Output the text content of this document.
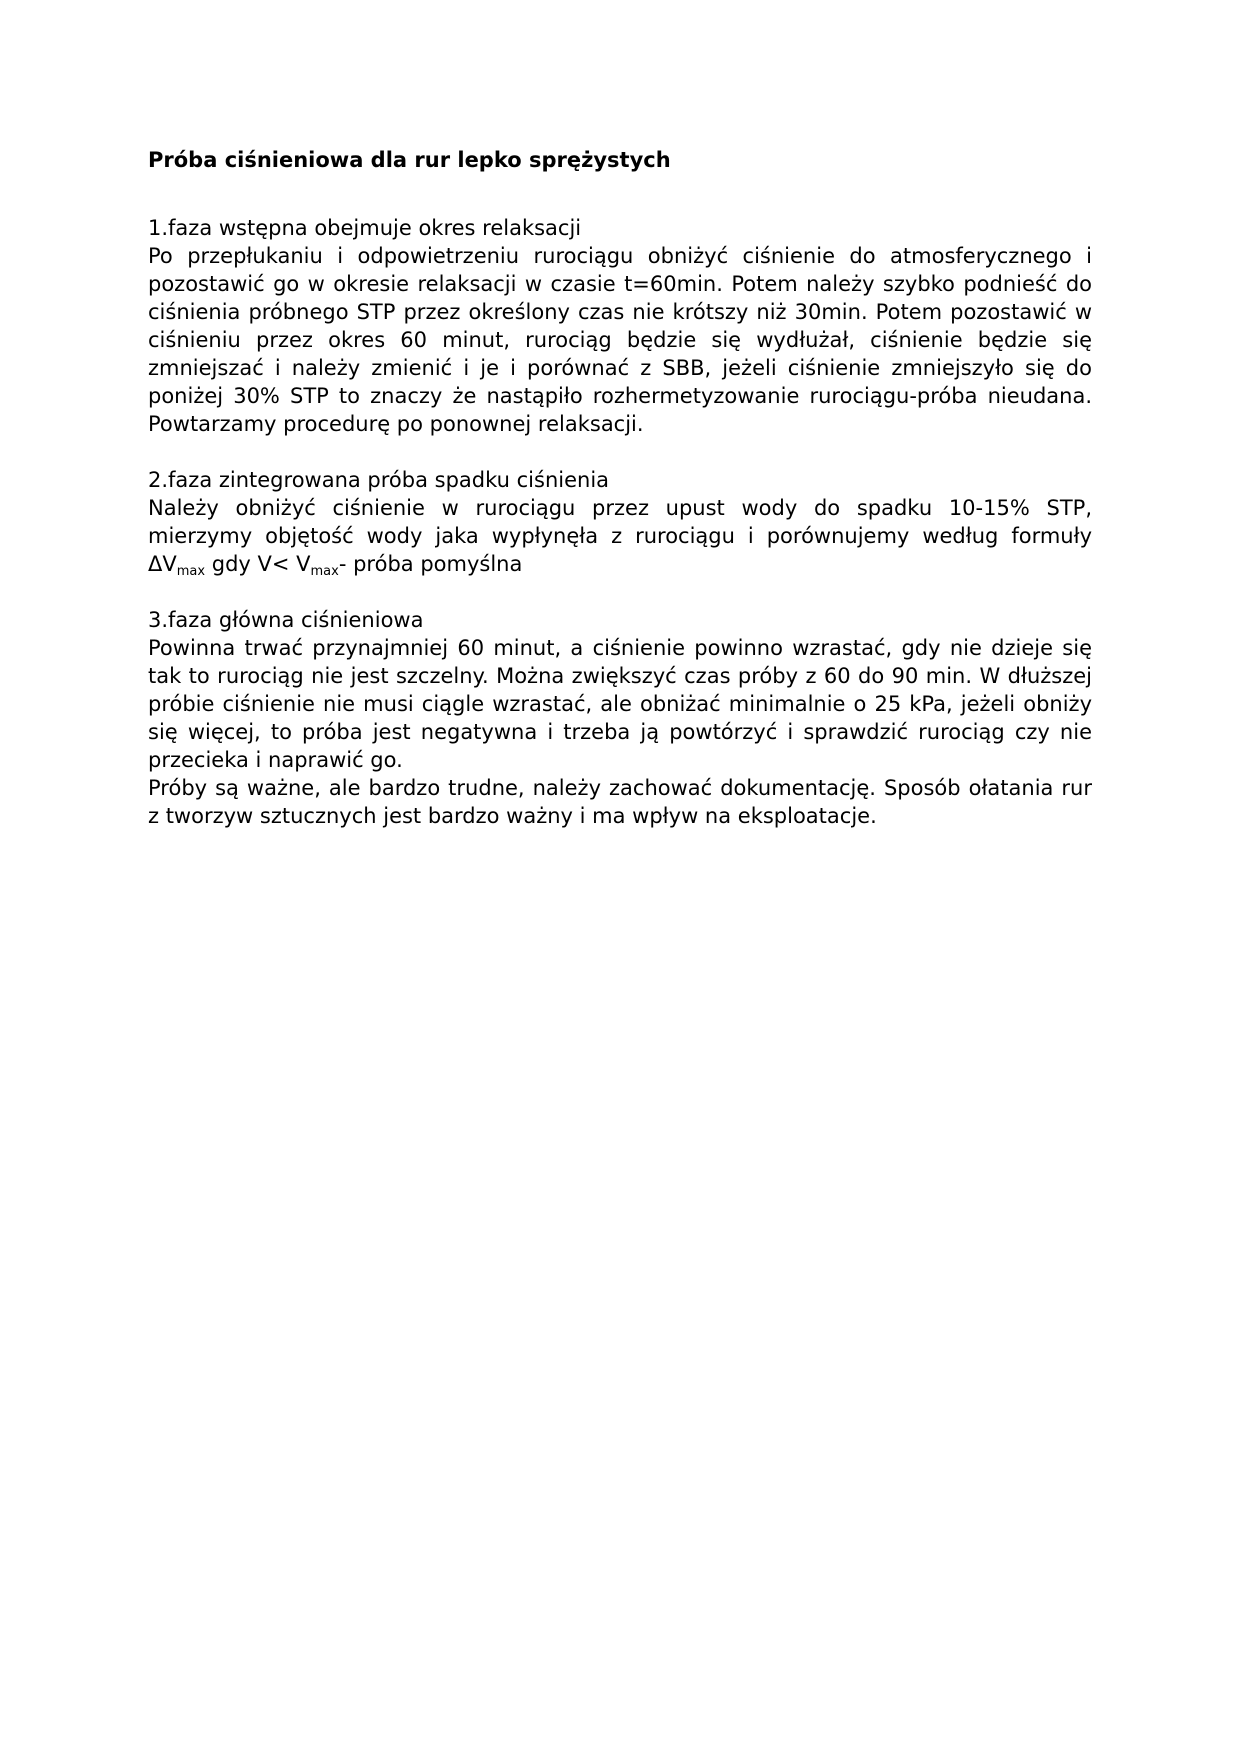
Próba ciśnieniowa dla rur lepko sprężystych

1.faza wstępna obejmuje okres relaksacji

Po przepłukaniu i odpowietrzeniu rurociągu obniżyć ciśnienie do atmosferycznego i pozostawić go w okresie relaksacji w czasie t=60min. Potem należy szybko podnieść do ciśnienia próbnego STP przez określony czas nie krótszy niż 30min. Potem pozostawić w ciśnieniu przez okres 60 minut, rurociąg będzie się wydłużał, ciśnienie będzie się zmniejszać i należy zmienić i je i porównać z SBB, jeżeli ciśnienie zmniejszyło się do poniżej 30% STP to znaczy że nastąpiło rozhermetyzowanie rurociągu-próba nieudana. Powtarzamy procedurę po ponownej relaksacji.

2.faza zintegrowana próba spadku ciśnienia

Należy obniżyć ciśnienie w rurociągu przez upust wody do spadku 10-15% STP, mierzymy objętość wody jaka wypłynęła z rurociągu i porównujemy według formuły $\Delta V_{max}$ gdy $V< V_{max}-$ próba pomyślna

3.faza główna ciśnieniowa

Powinna trwać przynajmniej 60 minut, a ciśnienie powinno wzrastać, gdy nie dzieje się tak to rurociąg nie jest szczelny. Można zwiększyć czas próby z 60 do 90 min. W dłuższej próbie ciśnienie nie musi ciągle wzrastać, ale obniżać minimalnie o 25 kPa, jeżeli obniży się więcej, to próba jest negatywna i trzeba ją powtórzyć i sprawdzić rurociąg czy nie przecieka i naprawić go.

Próby są ważne, ale bardzo trudne, należy zachować dokumentację. Sposób ołatania rur z tworzyw sztucznych jest bardzo ważny i ma wpływ na eksploatacje.
